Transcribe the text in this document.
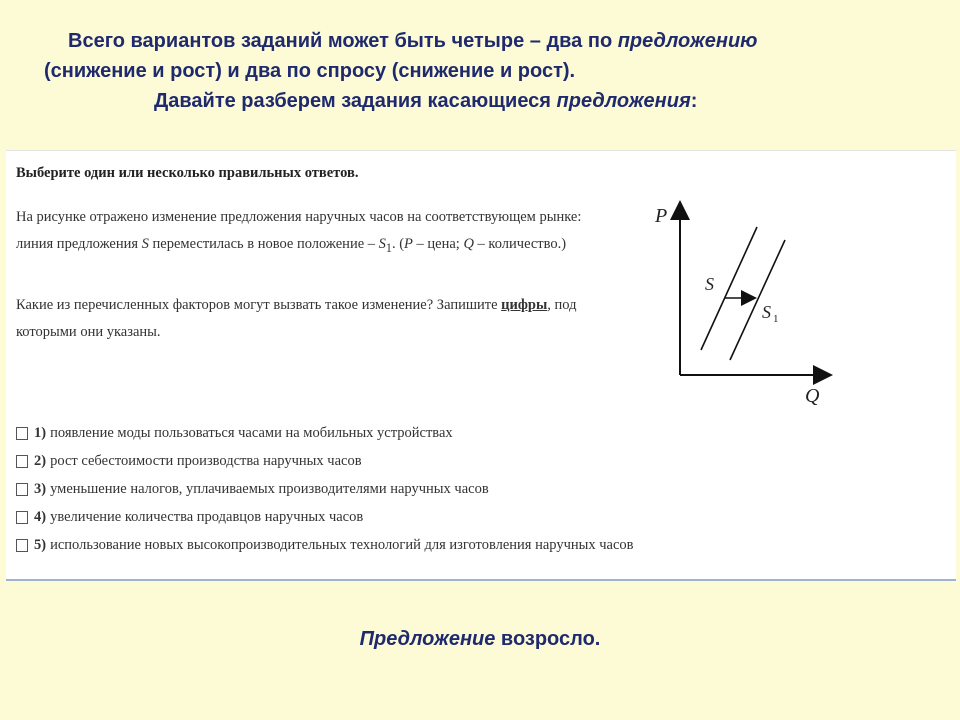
Всего вариантов заданий может быть четыре – два по предложению
(снижение и рост) и два по спросу (снижение и рост).
Давайте разберем задания касающиеся предложения:
Выберите один или несколько правильных ответов.
На рисунке отражено изменение предложения наручных часов на соответствующем рынке:
линия предложения S переместилась в новое положение – $S_1$. (P – цена; Q – количество.)
Какие из перечисленных факторов могут вызвать такое изменение? Запишите цифры, под
которыми они указаны.
1) появление моды пользоваться часами на мобильных устройствах
2) рост себестоимости производства наручных часов
3) уменьшение налогов, уплачиваемых производителями наручных часов
4) увеличение количества продавцов наручных часов
5) использование новых высокопроизводительных технологий для изготовления наручных часов
P
Q
S
S 1
Предложение возросло.
